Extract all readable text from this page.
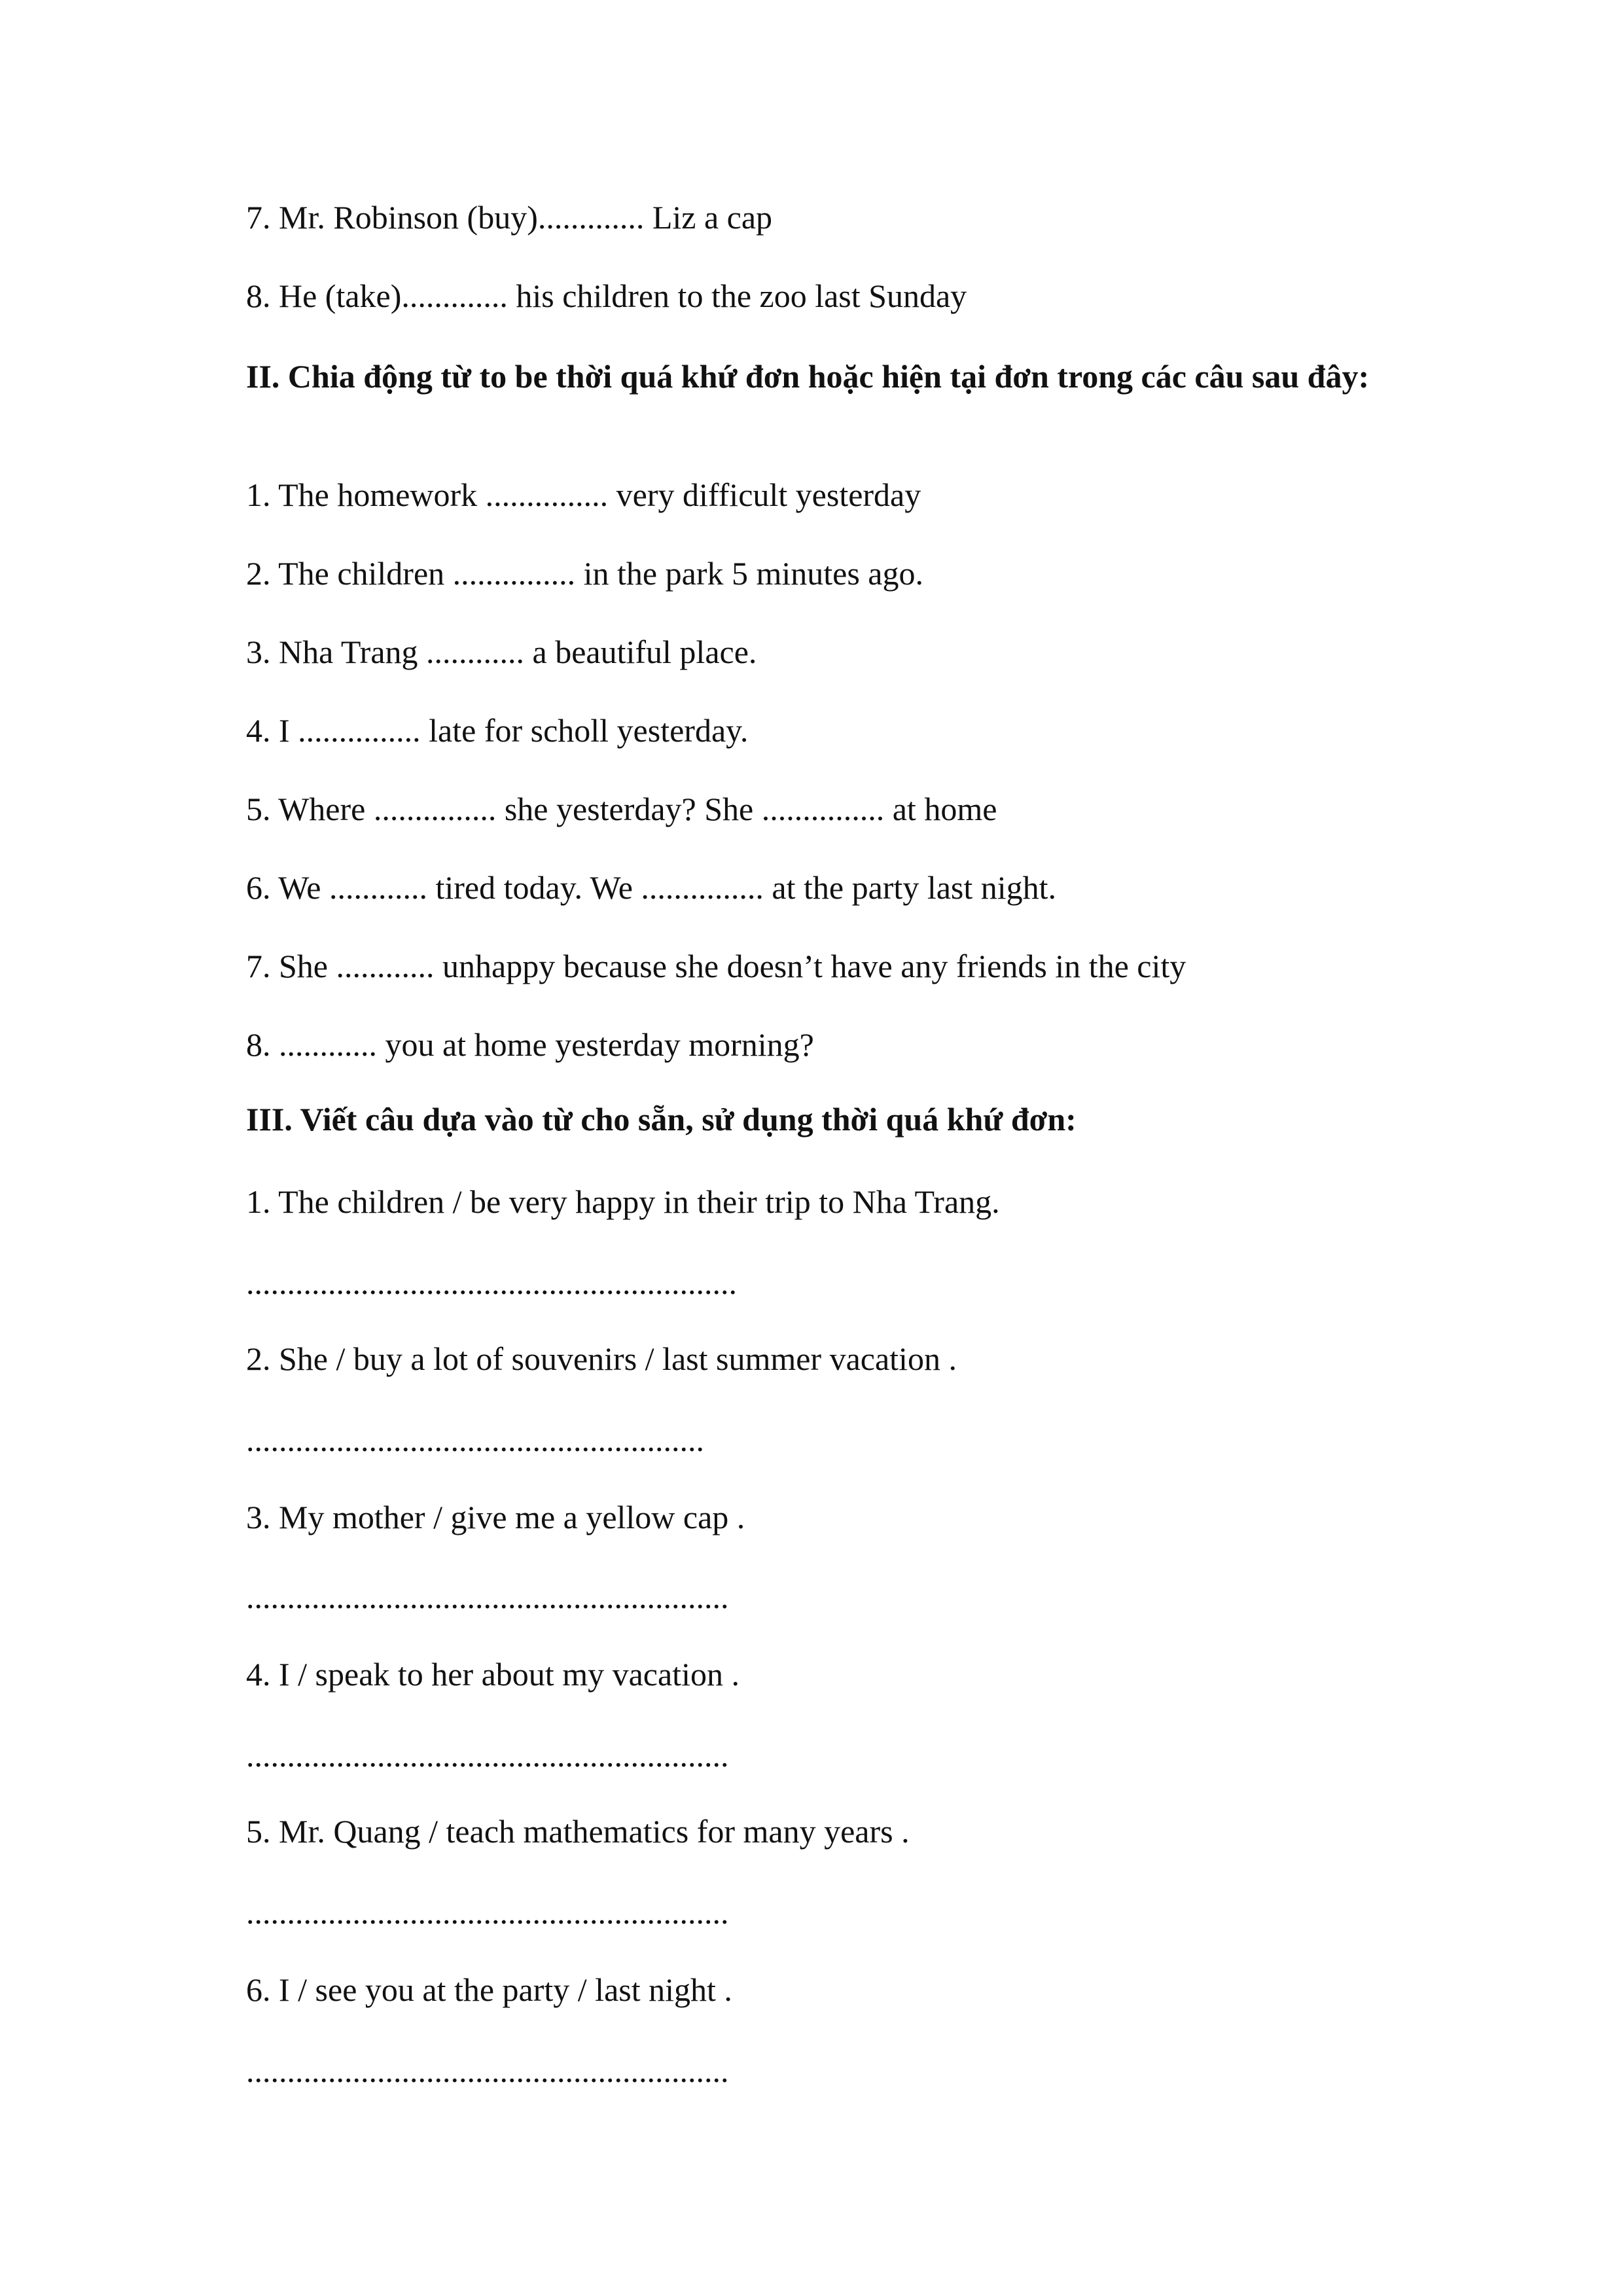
7. Mr. Robinson (buy)............. Liz a cap
8. He (take)............. his children to the zoo last Sunday
II. Chia động từ to be thời quá khứ đơn hoặc hiện tại đơn trong các câu sau đây:
1. The homework ............... very difficult yesterday
2. The children ............... in the park 5 minutes ago.
3. Nha Trang ............ a beautiful place.
4. I ............... late for scholl yesterday.
5. Where ............... she yesterday? She ............... at home
6. We ............ tired today. We ............... at the party last night.
7. She ............ unhappy because she doesn’t have any friends in the city
8. ............ you at home yesterday morning?
III. Viết câu dựa vào từ cho sẵn, sử dụng thời quá khứ đơn:
1. The children / be very happy in their trip to Nha Trang.
............................................................
2. She / buy a lot of souvenirs / last summer vacation .
........................................................
3. My mother / give me a yellow cap .
...........................................................
4. I / speak to her about my vacation .
...........................................................
5. Mr. Quang / teach mathematics for many years .
...........................................................
6. I / see you at the party / last night .
...........................................................
